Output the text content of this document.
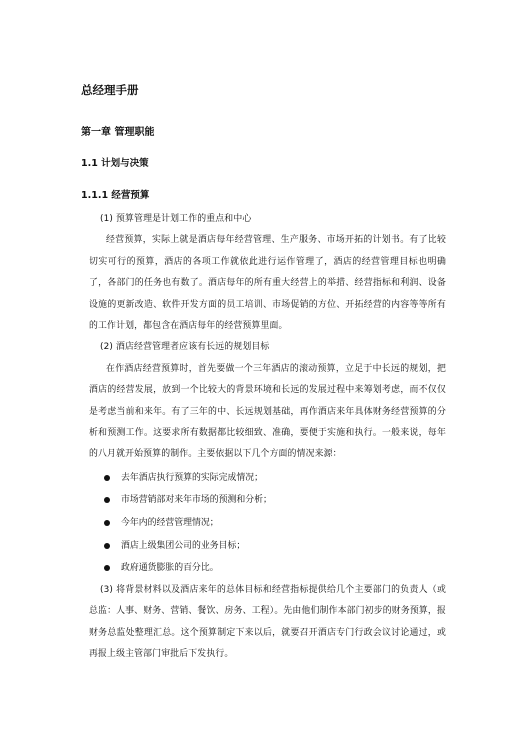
总经理手册
第一章 管理职能
1.1 计划与决策
1.1.1 经营预算

(1) 预算管理是计划工作的重点和中心

经营预算，实际上就是酒店每年经营管理、生产服务、市场开拓的计划书。有了比较切实可行的预算，酒店的各项工作就依此进行运作管理了，酒店的经营管理目标也明确了，各部门的任务也有数了。酒店每年的所有重大经营上的举措、经营指标和利润、设备设施的更新改造、软件开发方面的员工培训、市场促销的方位、开拓经营的内容等等所有的工作计划，都包含在酒店每年的经营预算里面。

(2) 酒店经营管理者应该有长远的规划目标

在作酒店经营预算时，首先要做一个三年酒店的滚动预算，立足于中长远的规划，把酒店的经营发展，放到一个比较大的背景环境和长远的发展过程中来筹划考虑，而不仅仅是考虑当前和来年。有了三年的中、长远规划基础，再作酒店来年具体财务经营预算的分析和预测工作。这要求所有数据都比较细致、准确，要便于实施和执行。一般来说，每年的八月就开始预算的制作。主要依据以下几个方面的情况来源：

去年酒店执行预算的实际完成情况；
市场营销部对来年市场的预测和分析；
今年内的经营管理情况；
酒店上级集团公司的业务目标；
政府通货膨胀的百分比。

(3) 将背景材料以及酒店来年的总体目标和经营指标提供给几个主要部门的负责人（或总监：人事、财务、营销、餐饮、房务、工程）。先由他们制作本部门初步的财务预算，报财务总监处整理汇总。这个预算制定下来以后，就要召开酒店专门行政会议讨论通过，或再报上级主管部门审批后下发执行。
